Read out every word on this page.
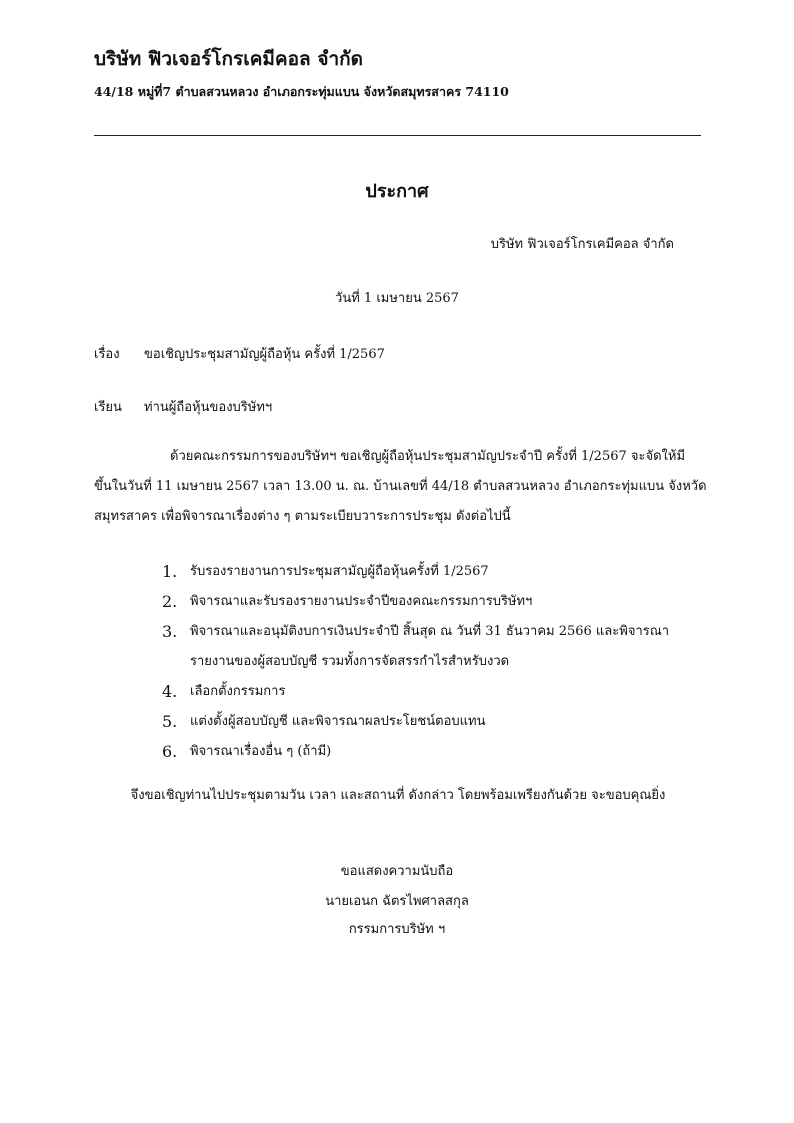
บริษัท ฟิวเจอร์โกรเคมีคอล จำกัด
44/18 หมู่ที่7 ตำบลสวนหลวง อำเภอกระทุ่มแบน จังหวัดสมุทรสาคร 74110
ประกาศ
บริษัท ฟิวเจอร์โกรเคมีคอล จำกัด
วันที่ 1 เมษายน 2567
เรื่อง ขอเชิญประชุมสามัญผู้ถือหุ้น ครั้งที่ 1/2567
เรียน ท่านผู้ถือหุ้นของบริษัทฯ
ด้วยคณะกรรมการของบริษัทฯ ขอเชิญผู้ถือหุ้นประชุมสามัญประจำปี ครั้งที่ 1/2567 จะจัดให้มี
ขึ้นในวันที่ 11 เมษายน 2567 เวลา 13.00 น. ณ. บ้านเลขที่ 44/18 ตำบลสวนหลวง อำเภอกระทุ่มแบน จังหวัด
สมุทรสาคร เพื่อพิจารณาเรื่องต่าง ๆ ตามระเบียบวาระการประชุม ดังต่อไปนี้
1. รับรองรายงานการประชุมสามัญผู้ถือหุ้นครั้งที่ 1/2567
2. พิจารณาและรับรองรายงานประจำปีของคณะกรรมการบริษัทฯ
3. พิจารณาและอนุมัติงบการเงินประจำปี สิ้นสุด ณ วันที่ 31 ธันวาคม 2566 และพิจารณา รายงานของผู้สอบบัญชี รวมทั้งการจัดสรรกำไรสำหรับงวด
4. เลือกตั้งกรรมการ
5. แต่งตั้งผู้สอบบัญชี และพิจารณาผลประโยชน์ตอบแทน
6. พิจารณาเรื่องอื่น ๆ (ถ้ามี)
จึงขอเชิญท่านไปประชุมตามวัน เวลา และสถานที่ ดังกล่าว โดยพร้อมเพรียงกันด้วย จะขอบคุณยิ่ง
ขอแสดงความนับถือ
นายเอนก ฉัตรไพศาลสกุล
กรรมการบริษัท ฯ
